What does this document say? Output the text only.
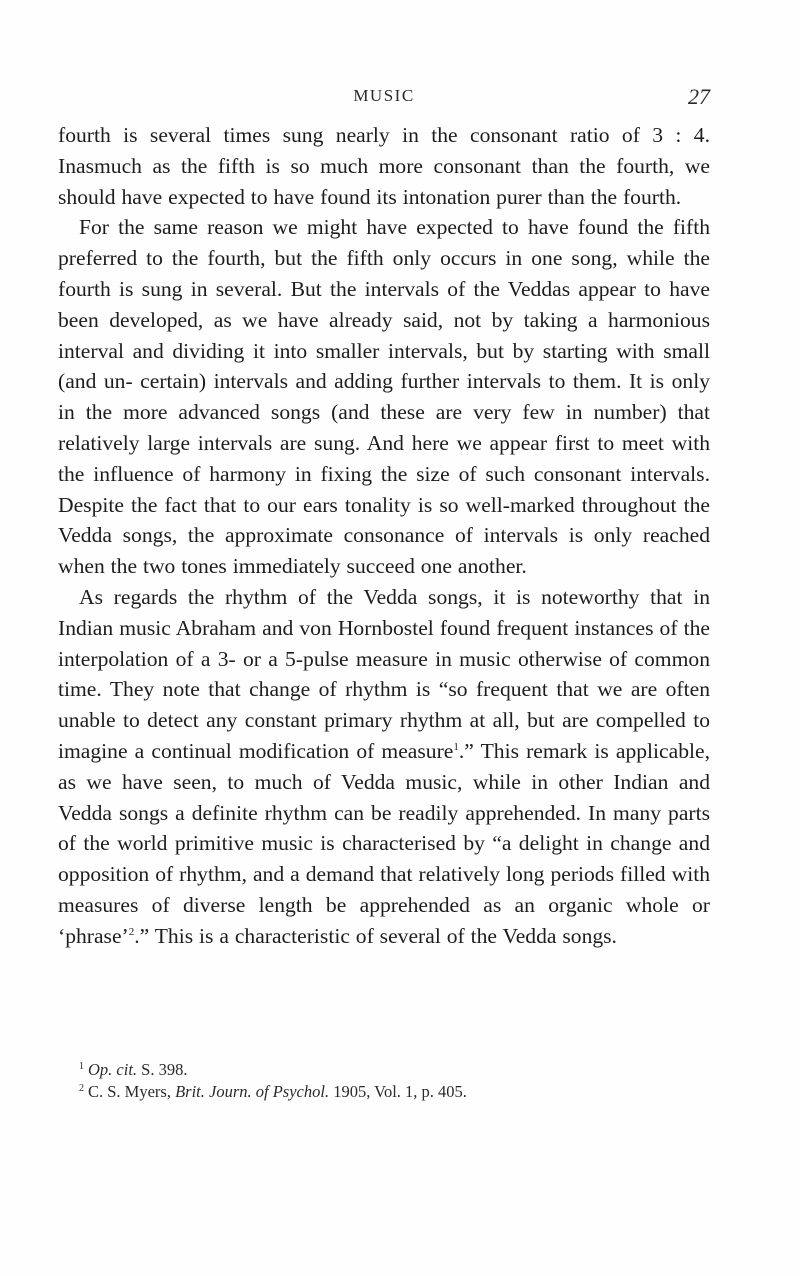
MUSIC	27

fourth is several times sung nearly in the consonant ratio of 3 : 4. Inasmuch as the fifth is so much more consonant than the fourth, we should have expected to have found its intonation purer than the fourth.

For the same reason we might have expected to have found the fifth preferred to the fourth, but the fifth only occurs in one song, while the fourth is sung in several. But the intervals of the Veddas appear to have been developed, as we have already said, not by taking a harmonious interval and dividing it into smaller intervals, but by starting with small (and un- certain) intervals and adding further intervals to them. It is only in the more advanced songs (and these are very few in number) that relatively large intervals are sung. And here we appear first to meet with the influence of harmony in fixing the size of such consonant intervals. Despite the fact that to our ears tonality is so well-marked throughout the Vedda songs, the approximate consonance of intervals is only reached when the two tones immediately succeed one another.

As regards the rhythm of the Vedda songs, it is noteworthy that in Indian music Abraham and von Hornbostel found frequent instances of the interpolation of a 3- or a 5-pulse measure in music otherwise of common time. They note that change of rhythm is “so frequent that we are often unable to detect any constant primary rhythm at all, but are compelled to imagine a continual modification of measure$^1$.” This remark is applicable, as we have seen, to much of Vedda music, while in other Indian and Vedda songs a definite rhythm can be readily apprehended. In many parts of the world primitive music is characterised by “a delight in change and opposition of rhythm, and a demand that relatively long periods filled with measures of diverse length be apprehended as an organic whole or ‘phrase’$^2$.” This is a characteristic of several of the Vedda songs.

$^1$ Op. cit. S. 398.
$^2$ C. S. Myers, Brit. Journ. of Psychol. 1905, Vol. 1, p. 405.
